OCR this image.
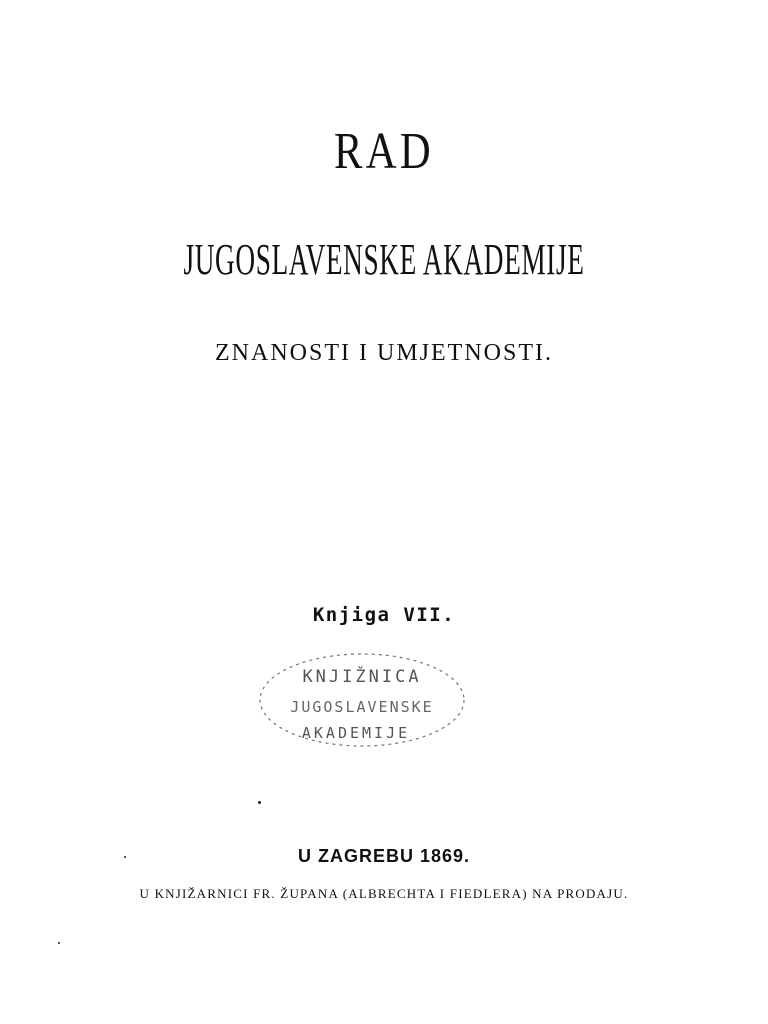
RAD
JUGOSLAVENSKE AKADEMIJE
ZNANOSTI I UMJETNOSTI.
Knjiga VII.
KNJIŽNICA
JUGOSLAVENSKE
AKADEMIJE
U ZAGREBU 1869.
U KNJIŽARNICI FR. ŽUPANA (ALBRECHTA I FIEDLERA) NA PRODAJU.
